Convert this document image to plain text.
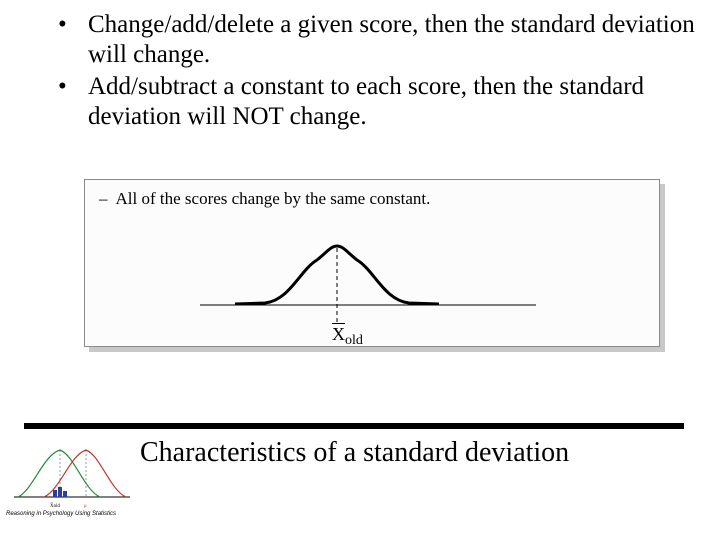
• Change/add/delete a given score, then the standard deviation will change.
• Add/subtract a constant to each score, then the standard deviation will NOT change.
– All of the scores change by the same constant.
$\overline{X}_{old}$
Characteristics of a standard deviation
X̄old	μ
Reasoning in Psychology Using Statistics
